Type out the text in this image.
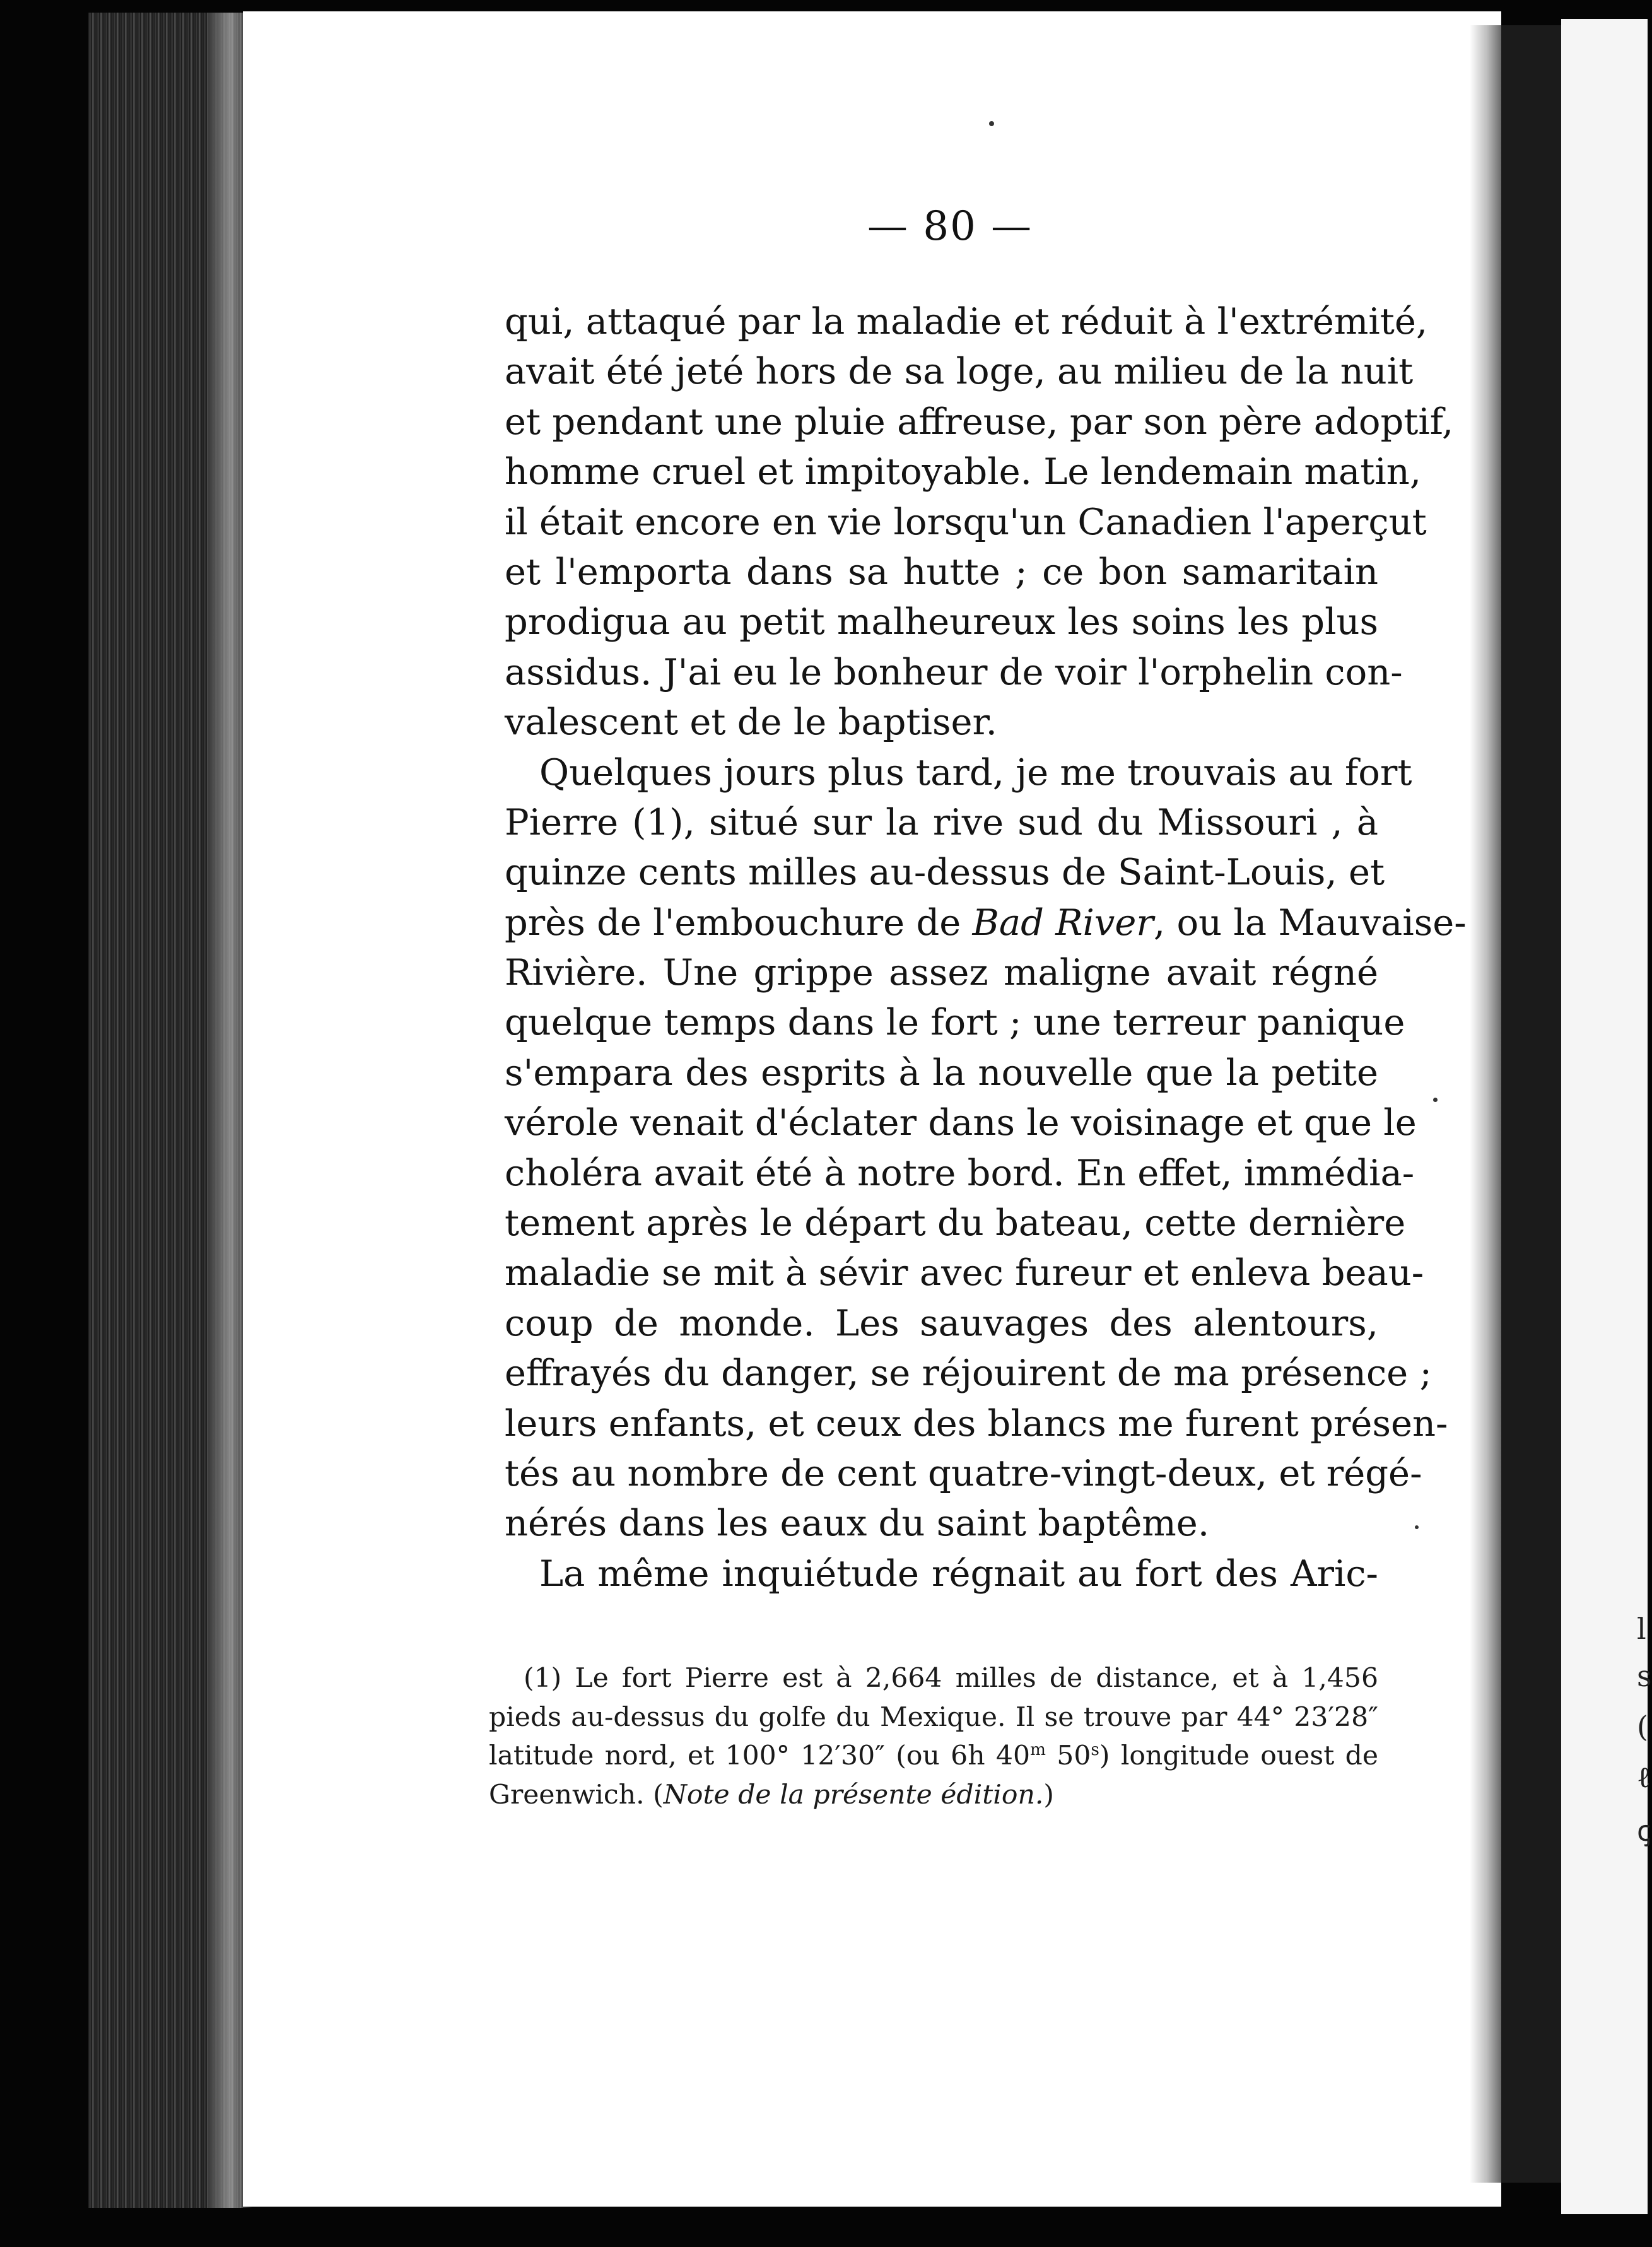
l
s
(
ℓ
ꞔ
— 80 —
qui, attaqué par la maladie et réduit à l'extrémité,
avait été jeté hors de sa loge, au milieu de la nuit
et pendant une pluie affreuse, par son père adoptif,
homme cruel et impitoyable. Le lendemain matin,
il était encore en vie lorsqu'un Canadien l'aperçut
et l'emporta dans sa hutte ; ce bon samaritain
prodigua au petit malheureux les soins les plus
assidus. J'ai eu le bonheur de voir l'orphelin con-
valescent et de le baptiser.
Quelques jours plus tard, je me trouvais au fort
Pierre (1), situé sur la rive sud du Missouri , à
quinze cents milles au-dessus de Saint-Louis, et
près de l'embouchure de Bad River, ou la Mauvaise-
Rivière. Une grippe assez maligne avait régné
quelque temps dans le fort ; une terreur panique
s'empara des esprits à la nouvelle que la petite
vérole venait d'éclater dans le voisinage et que le
choléra avait été à notre bord. En effet, immédia-
tement après le départ du bateau, cette dernière
maladie se mit à sévir avec fureur et enleva beau-
coup de monde. Les sauvages des alentours,
effrayés du danger, se réjouirent de ma présence ;
leurs enfants, et ceux des blancs me furent présen-
tés au nombre de cent quatre-vingt-deux, et régé-
nérés dans les eaux du saint baptême.
La même inquiétude régnait au fort des Aric-
(1) Le fort Pierre est à 2,664 milles de distance, et à 1,456
pieds au-dessus du golfe du Mexique. Il se trouve par 44° 23′28″
latitude nord, et 100° 12′30″ (ou 6h 40$^m$ 50$^s$) longitude ouest de
Greenwich. (Note de la présente édition.)
